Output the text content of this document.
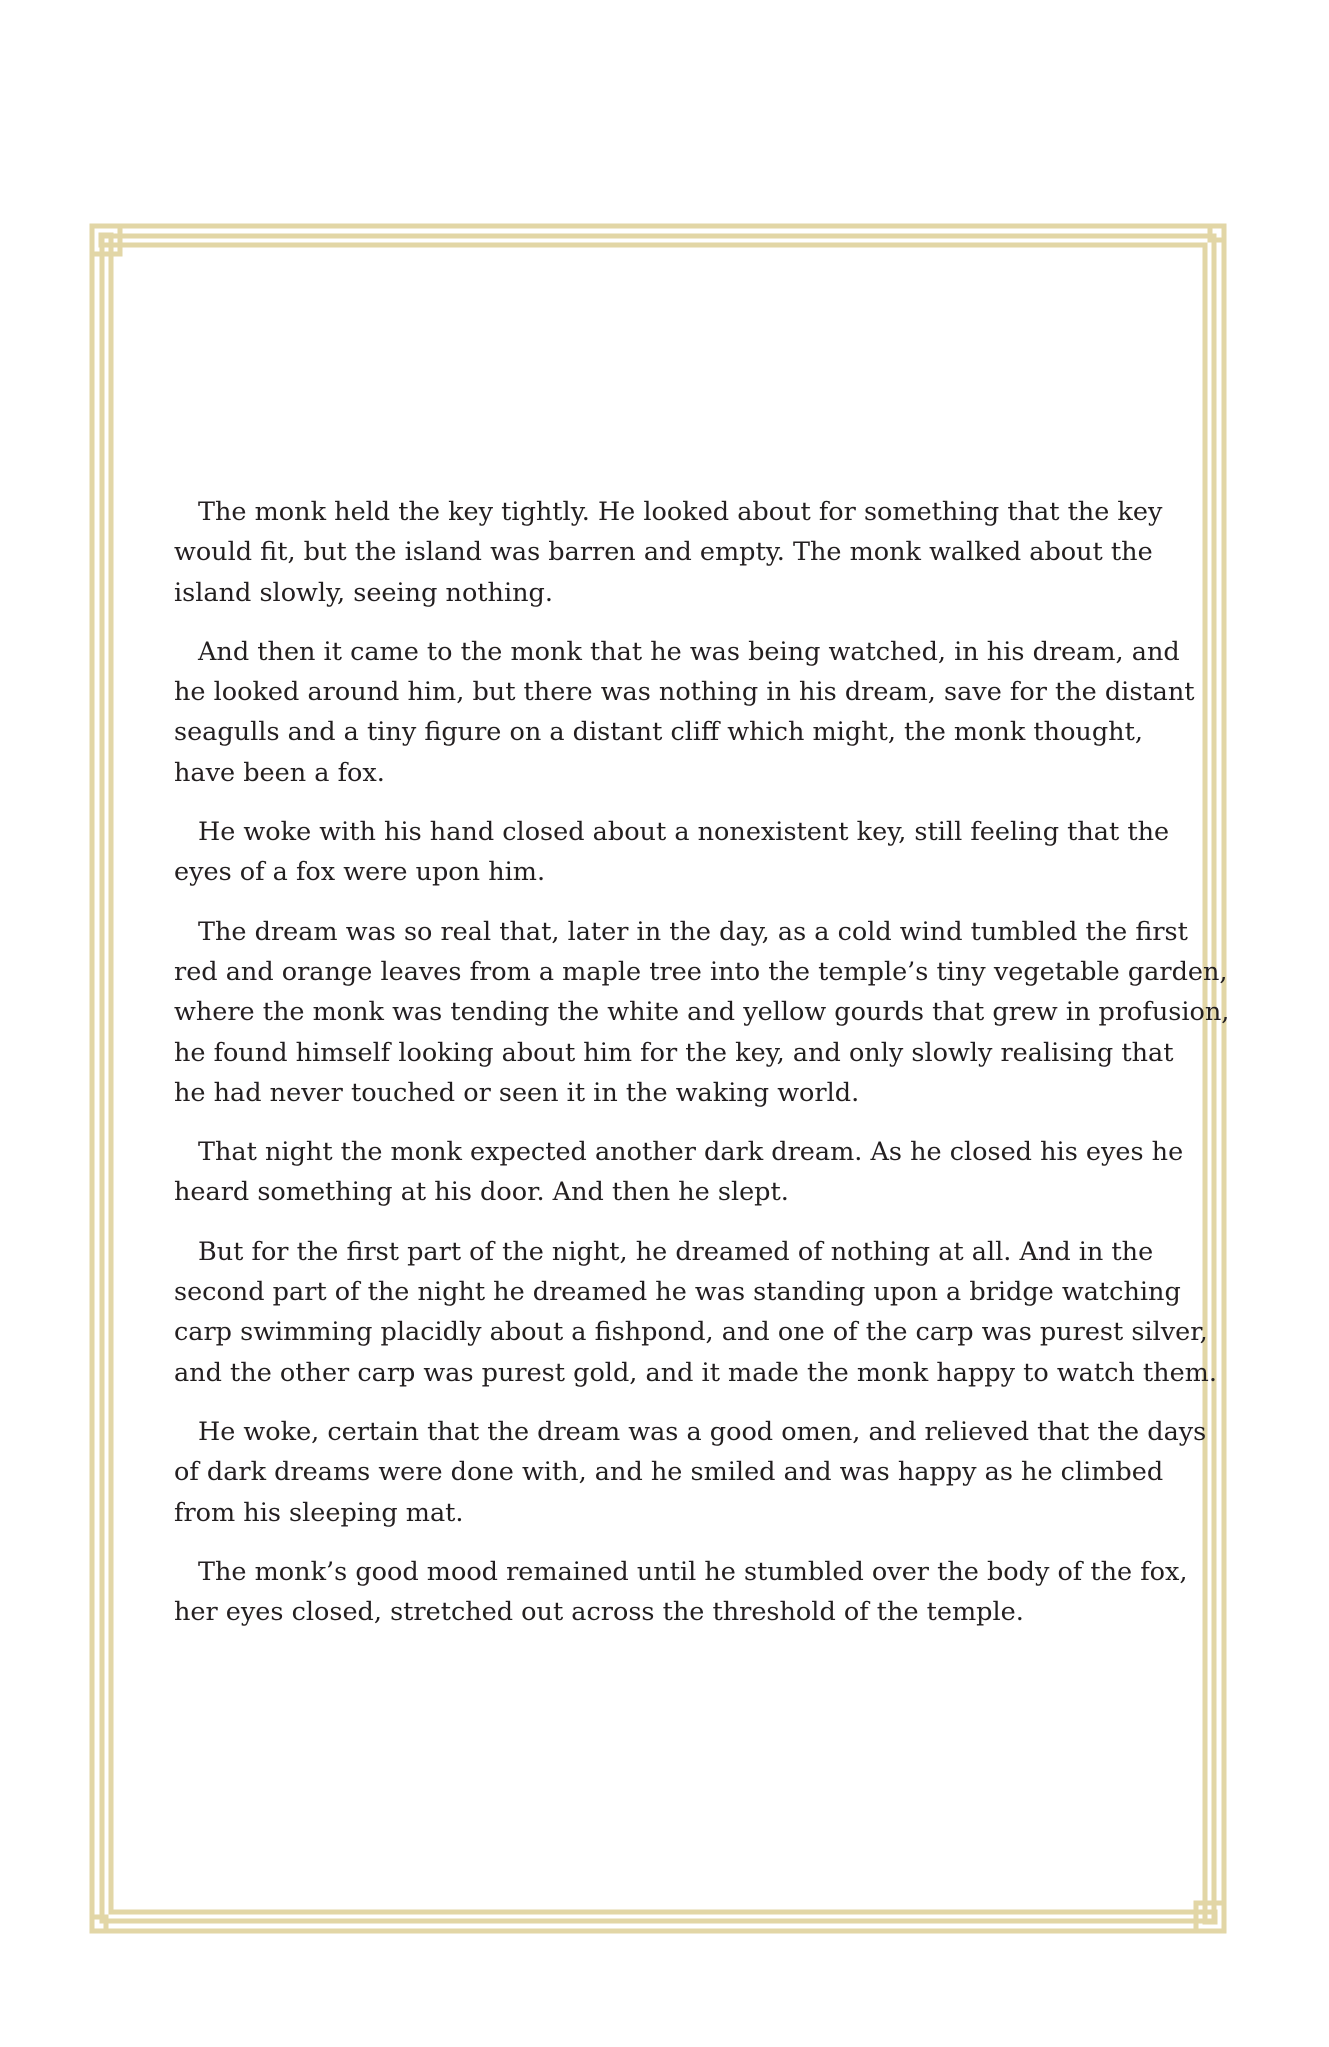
The monk held the key tightly. He looked about for something that the key
would fit, but the island was barren and empty. The monk walked about the
island slowly, seeing nothing.

And then it came to the monk that he was being watched, in his dream, and
he looked around him, but there was nothing in his dream, save for the distant
seagulls and a tiny figure on a distant cliff which might, the monk thought,
have been a fox.

He woke with his hand closed about a nonexistent key, still feeling that the
eyes of a fox were upon him.

The dream was so real that, later in the day, as a cold wind tumbled the first
red and orange leaves from a maple tree into the temple’s tiny vegetable garden,
where the monk was tending the white and yellow gourds that grew in profusion,
he found himself looking about him for the key, and only slowly realising that
he had never touched or seen it in the waking world.

That night the monk expected another dark dream. As he closed his eyes he
heard something at his door. And then he slept.

But for the first part of the night, he dreamed of nothing at all. And in the
second part of the night he dreamed he was standing upon a bridge watching
carp swimming placidly about a fishpond, and one of the carp was purest silver,
and the other carp was purest gold, and it made the monk happy to watch them.

He woke, certain that the dream was a good omen, and relieved that the days
of dark dreams were done with, and he smiled and was happy as he climbed
from his sleeping mat.

The monk’s good mood remained until he stumbled over the body of the fox,
her eyes closed, stretched out across the threshold of the temple.
